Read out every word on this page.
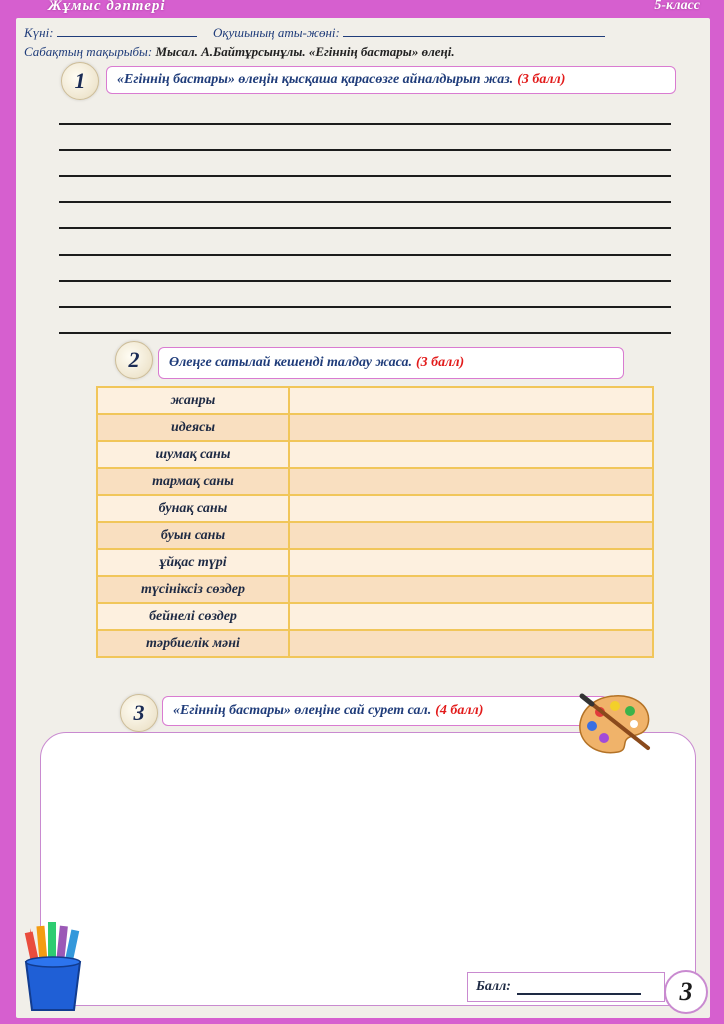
Күні:	Оқушының аты-жөні:
Сабақтың тақырыбы: Мысал. А.Байтұрсынұлы. «Егіннің бастары» өлеңі.
1 «Егіннің бастары» өлеңін қысқаша қарасөзге айналдырып жаз. (3 балл)
2 Өлеңге сатылай кешенді талдау жаса. (3 балл)
жанры	
идеясы	
шумақ саны	
тармақ саны	
бунақ саны	
буын саны	
ұйқас түрі	
түсініксіз сөздер	
бейнелі сөздер	
тәрбиелік мәні	
3 «Егіннің бастары» өлеңіне сай сурет сал. (4 балл)
Балл:
Жұмыс дәптері	5-класс
3
